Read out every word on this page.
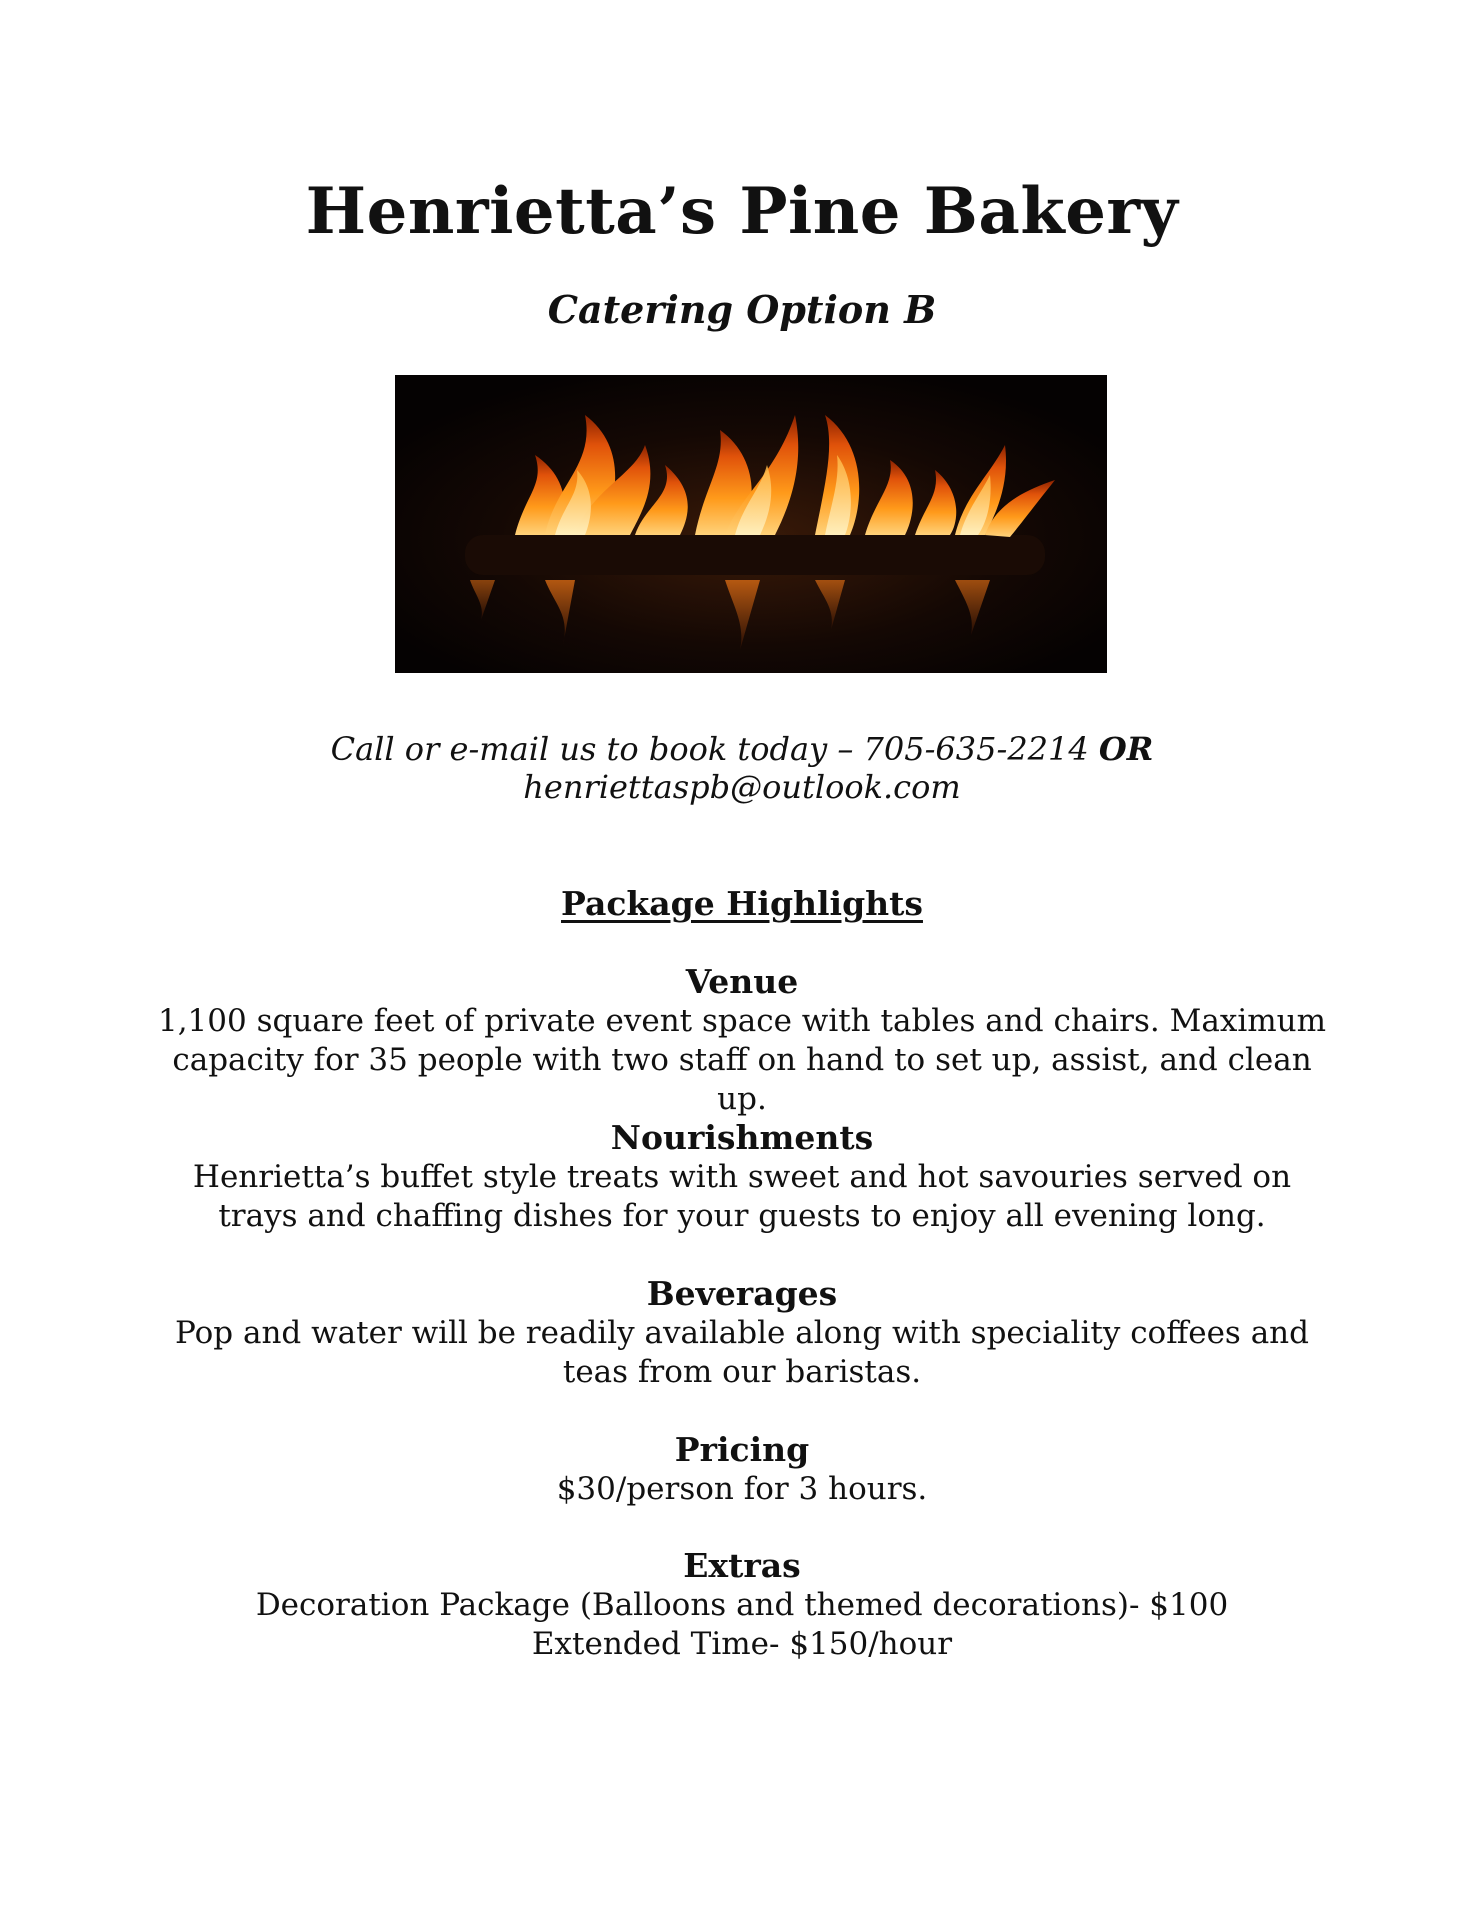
Henrietta’s Pine Bakery
Catering Option B
Call or e-mail us to book today – 705-635-2214 OR
henriettaspb@outlook.com
Package Highlights
Venue

1,100 square feet of private event space with tables and chairs. Maximum capacity for 35 people with two staff on hand to set up, assist, and clean up.

Nourishments

Henrietta’s buffet style treats with sweet and hot savouries served on trays and chaffing dishes for your guests to enjoy all evening long.

Beverages

Pop and water will be readily available along with speciality coffees and teas from our baristas.

Pricing

$30/person for 3 hours.

Extras

Decoration Package (Balloons and themed decorations)- $100

Extended Time- $150/hour
